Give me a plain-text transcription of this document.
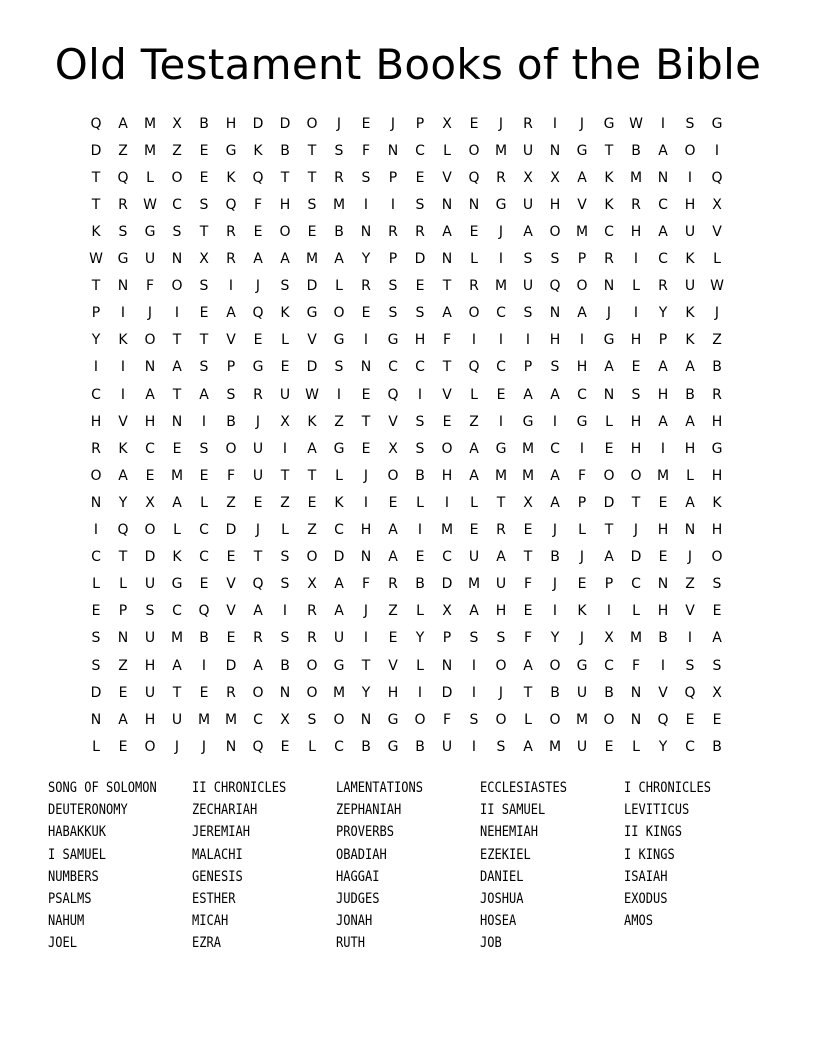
Old Testament Books of the Bible
Q	A	M	X	B	H	D	D	O	J	E	J	P	X	E	J	R	I	J	G	W	I	S	G
D	Z	M	Z	E	G	K	B	T	S	F	N	C	L	O	M	U	N	G	T	B	A	O	I
T	Q	L	O	E	K	Q	T	T	R	S	P	E	V	Q	R	X	X	A	K	M	N	I	Q
T	R	W	C	S	Q	F	H	S	M	I	I	S	N	N	G	U	H	V	K	R	C	H	X
K	S	G	S	T	R	E	O	E	B	N	R	R	A	E	J	A	O	M	C	H	A	U	V
W	G	U	N	X	R	A	A	M	A	Y	P	D	N	L	I	S	S	P	R	I	C	K	L
T	N	F	O	S	I	J	S	D	L	R	S	E	T	R	M	U	Q	O	N	L	R	U	W
P	I	J	I	E	A	Q	K	G	O	E	S	S	A	O	C	S	N	A	J	I	Y	K	J
Y	K	O	T	T	V	E	L	V	G	I	G	H	F	I	I	I	H	I	G	H	P	K	Z
I	I	N	A	S	P	G	E	D	S	N	C	C	T	Q	C	P	S	H	A	E	A	A	B
C	I	A	T	A	S	R	U	W	I	E	Q	I	V	L	E	A	A	C	N	S	H	B	R
H	V	H	N	I	B	J	X	K	Z	T	V	S	E	Z	I	G	I	G	L	H	A	A	H
R	K	C	E	S	O	U	I	A	G	E	X	S	O	A	G	M	C	I	E	H	I	H	G
O	A	E	M	E	F	U	T	T	L	J	O	B	H	A	M	M	A	F	O	O	M	L	H
N	Y	X	A	L	Z	E	Z	E	K	I	E	L	I	L	T	X	A	P	D	T	E	A	K
I	Q	O	L	C	D	J	L	Z	C	H	A	I	M	E	R	E	J	L	T	J	H	N	H
C	T	D	K	C	E	T	S	O	D	N	A	E	C	U	A	T	B	J	A	D	E	J	O
L	L	U	G	E	V	Q	S	X	A	F	R	B	D	M	U	F	J	E	P	C	N	Z	S
E	P	S	C	Q	V	A	I	R	A	J	Z	L	X	A	H	E	I	K	I	L	H	V	E
S	N	U	M	B	E	R	S	R	U	I	E	Y	P	S	S	F	Y	J	X	M	B	I	A
S	Z	H	A	I	D	A	B	O	G	T	V	L	N	I	O	A	O	G	C	F	I	S	S
D	E	U	T	E	R	O	N	O	M	Y	H	I	D	I	J	T	B	U	B	N	V	Q	X
N	A	H	U	M	M	C	X	S	O	N	G	O	F	S	O	L	O	M	O	N	Q	E	E
L	E	O	J	J	N	Q	E	L	C	B	G	B	U	I	S	A	M	U	E	L	Y	C	B
SONG OF SOLOMON
DEUTERONOMY
HABAKKUK
I SAMUEL
NUMBERS
PSALMS
NAHUM
JOEL
II CHRONICLES
ZECHARIAH
JEREMIAH
MALACHI
GENESIS
ESTHER
MICAH
EZRA
LAMENTATIONS
ZEPHANIAH
PROVERBS
OBADIAH
HAGGAI
JUDGES
JONAH
RUTH
ECCLESIASTES
II SAMUEL
NEHEMIAH
EZEKIEL
DANIEL
JOSHUA
HOSEA
JOB
I CHRONICLES
LEVITICUS
II KINGS
I KINGS
ISAIAH
EXODUS
AMOS
